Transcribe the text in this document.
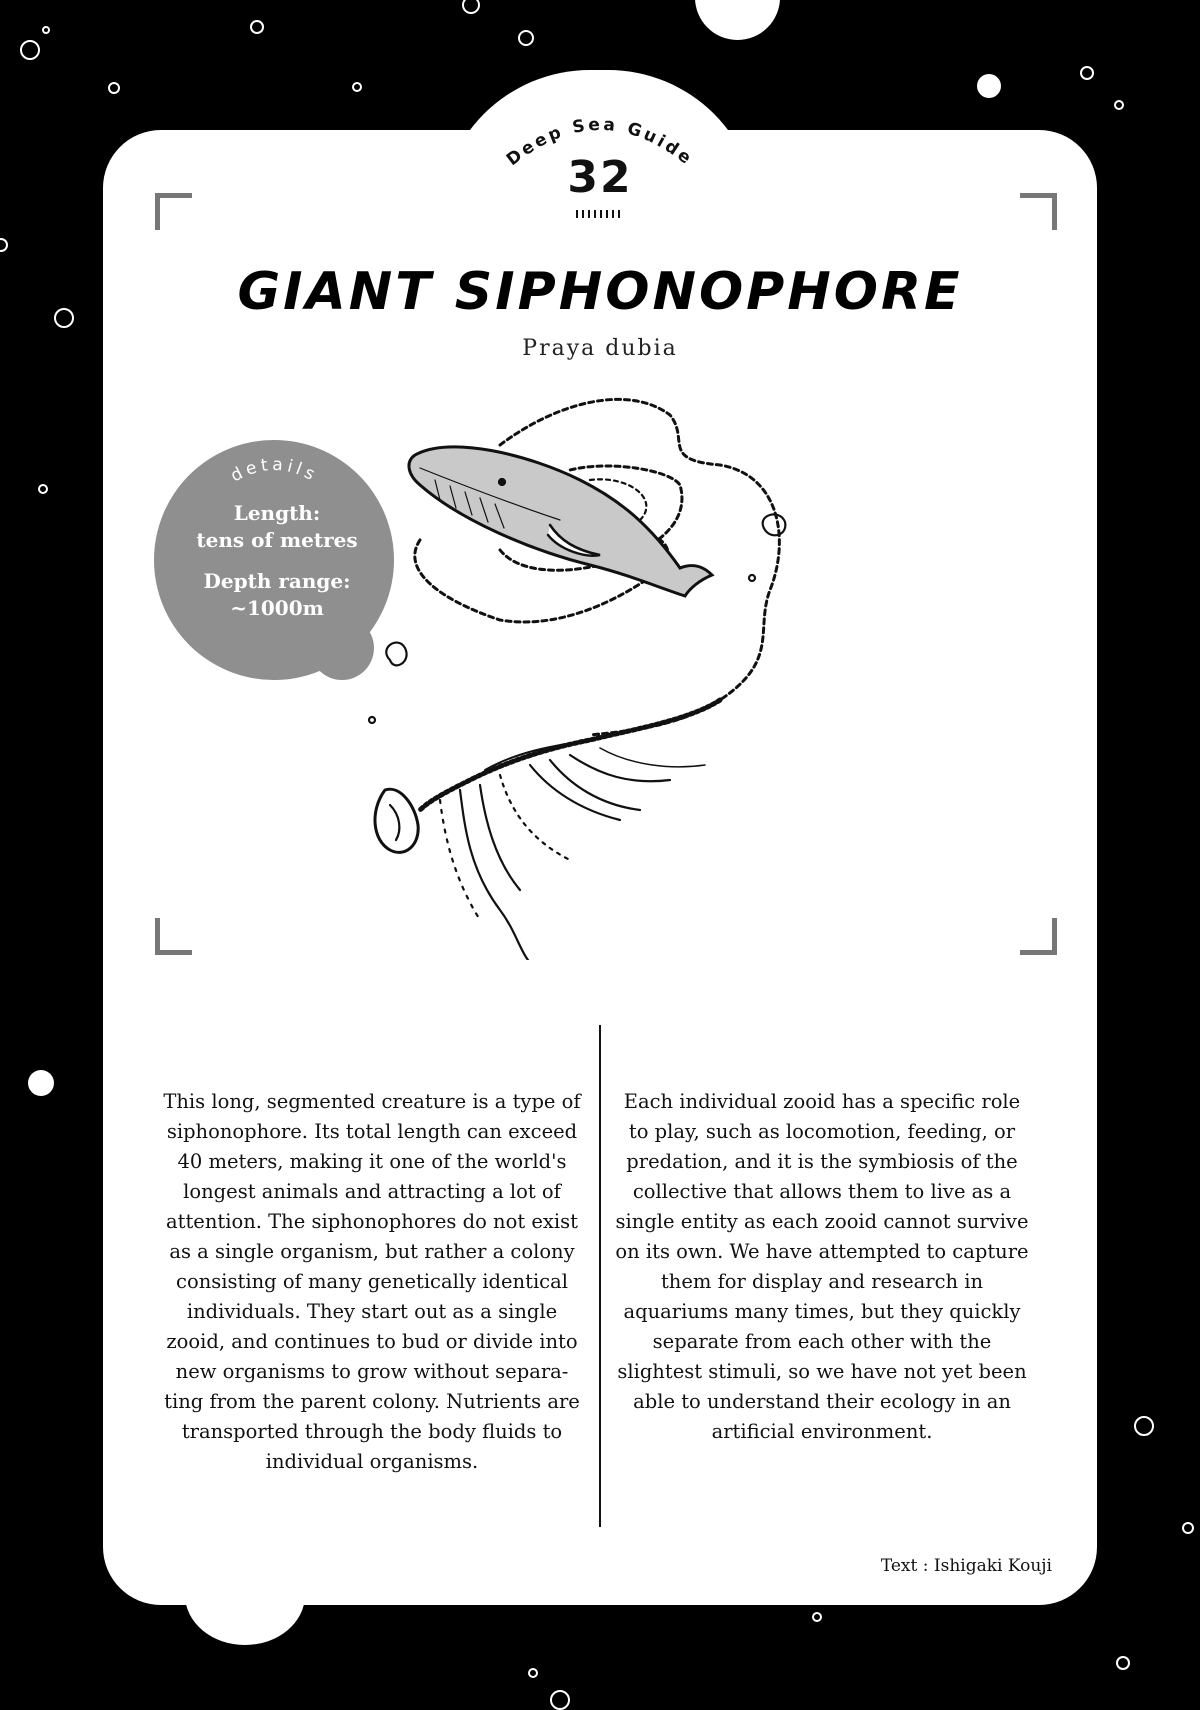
Deep Sea Guide
32
GIANT SIPHONOPHORE
Praya dubia
details
Length:
tens of metres
Depth range:
~1000m
This long, segmented creature is a type of siphonophore. Its total length can exceed 40 meters, making it one of the world's longest animals and attracting a lot of attention. The siphonophores do not exist as a single organism, but rather a colony consisting of many genetically identical individuals. They start out as a single zooid, and continues to bud or divide into new organisms to grow without separa-ting from the parent colony. Nutrients are transported through the body fluids to individual organisms.
Each individual zooid has a specific role to play, such as locomotion, feeding, or predation, and it is the symbiosis of the collective that allows them to live as a single entity as each zooid cannot survive on its own. We have attempted to capture them for display and research in aquariums many times, but they quickly separate from each other with the slightest stimuli, so we have not yet been able to understand their ecology in an artificial environment.
Text : Ishigaki Kouji
